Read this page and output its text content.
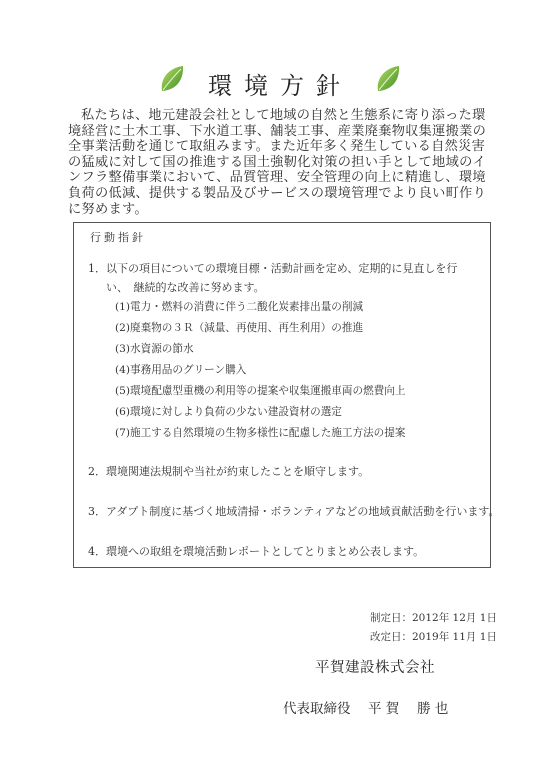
環境方針

私たちは、地元建設会社として地域の自然と生態系に寄り添った環

境経営に土木工事、下水道工事、舗装工事、産業廃棄物収集運搬業の

全事業活動を通じて取組みます。また近年多く発生している自然災害

の猛威に対して国の推進する国土強靭化対策の担い手として地域のイ

ンフラ整備事業において、品質管理、安全管理の向上に精進し、環境

負荷の低減、提供する製品及びサービスの環境管理でより良い町作り

に努めます。

行動指針
1．以下の項目についての環境目標・活動計画を定め、定期的に見直しを行
い、　継続的な改善に努めます。
(1)電力・燃料の消費に伴う二酸化炭素排出量の削減
(2)廃棄物の３Ｒ（減量、再使用、再生利用）の推進
(3)水資源の節水
(4)事務用品のグリーン購入
(5)環境配慮型重機の利用等の提案や収集運搬車両の燃費向上
(6)環境に対しより負荷の少ない建設資材の選定
(7)施工する自然環境の生物多様性に配慮した施工方法の提案
2．環境関連法規制や当社が約束したことを順守します。
3．アダプト制度に基づく地域清掃・ボランティアなどの地域貢献活動を行います。
4．環境への取組を環境活動レポートとしてとりまとめ公表します。
制定日：2012年 12月 1日
改定日：2019年 11月 1日
平賀建設株式会社
代表取締役 平 賀　 勝 也
